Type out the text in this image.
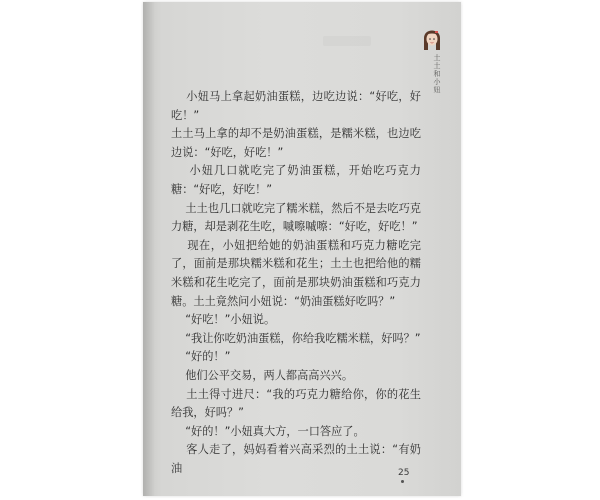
土土和小妞

小妞马上拿起奶油蛋糕，边吃边说：“好吃，好吃！”

土土马上拿的却不是奶油蛋糕，是糯米糕，也边吃边说：“好吃，好吃！”

小妞几口就吃完了奶油蛋糕，开始吃巧克力糖：“好吃，好吃！”

土土也几口就吃完了糯米糕，然后不是去吃巧克力糖，却是剥花生吃，嘁嚓嘁嚓：“好吃，好吃！”

现在，小妞把给她的奶油蛋糕和巧克力糖吃完了，面前是那块糯米糕和花生；土土也把给他的糯米糕和花生吃完了，面前是那块奶油蛋糕和巧克力糖。土土竟然问小妞说：“奶油蛋糕好吃吗？”

“好吃！”小妞说。

“我让你吃奶油蛋糕，你给我吃糯米糕，好吗？”

“好的！”

他们公平交易，两人都高高兴兴。

土土得寸进尺：“我的巧克力糖给你，你的花生给我，好吗？”

“好的！”小妞真大方，一口答应了。

客人走了，妈妈看着兴高采烈的土土说：“有奶油	25
